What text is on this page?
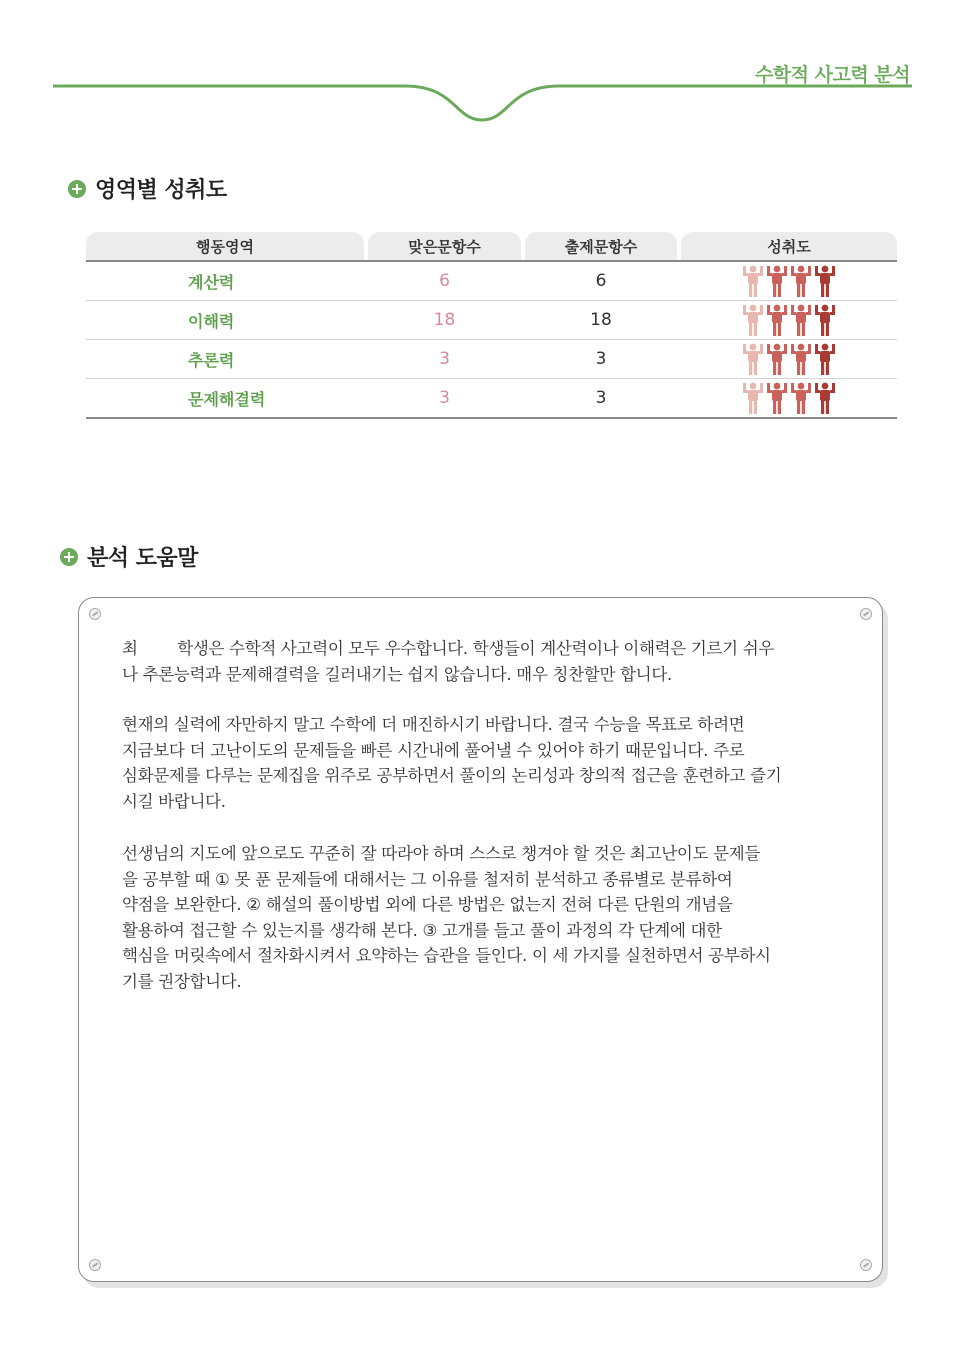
수학적 사고력 분석
영역별 성취도
행동영역	맞은문항수	출제문항수	성취도
계산력	6	6
이해력	18	18
추론력	3	3
문제해결력	3	3
분석 도움말

최        학생은 수학적 사고력이 모두 우수합니다. 학생들이 계산력이나 이해력은 기르기 쉬우
나 추론능력과 문제해결력을 길러내기는 쉽지 않습니다. 매우 칭찬할만 합니다.

현재의 실력에 자만하지 말고 수학에 더 매진하시기 바랍니다. 결국 수능을 목표로 하려면
지금보다 더 고난이도의 문제들을 빠른 시간내에 풀어낼 수 있어야 하기 때문입니다. 주로
심화문제를 다루는 문제집을 위주로 공부하면서 풀이의 논리성과 창의적 접근을 훈련하고 즐기
시길 바랍니다.

선생님의 지도에 앞으로도 꾸준히 잘 따라야 하며 스스로 챙겨야 할 것은 최고난이도 문제들
을 공부할 때 ① 못 푼 문제들에 대해서는 그 이유를 철저히 분석하고 종류별로 분류하여
약점을 보완한다. ② 해설의 풀이방법 외에 다른 방법은 없는지 전혀 다른 단원의 개념을
활용하여 접근할 수 있는지를 생각해 본다. ③ 고개를 들고 풀이 과정의 각 단계에 대한
핵심을 머릿속에서 절차화시켜서 요약하는 습관을 들인다. 이 세 가지를 실천하면서 공부하시
기를 권장합니다.
